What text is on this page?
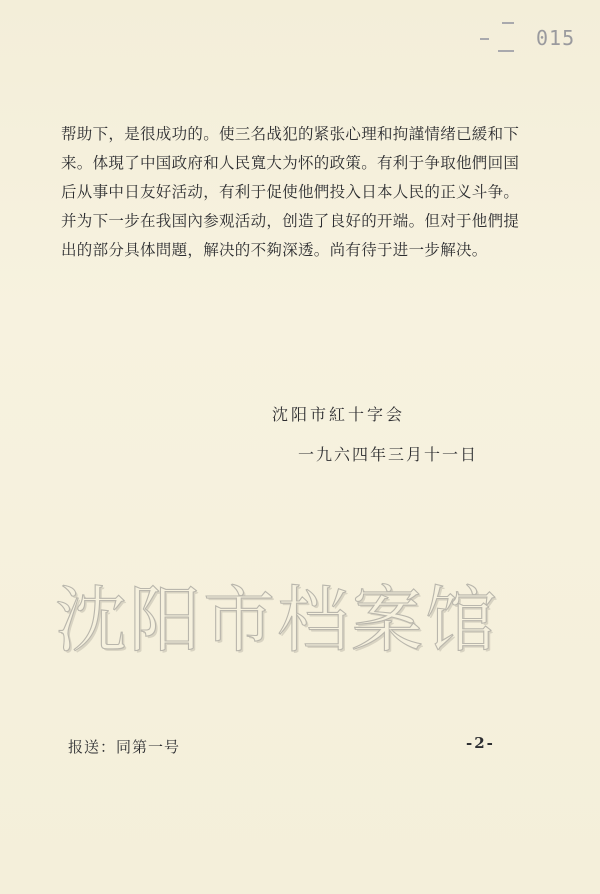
015
帮助下，是很成功的。使三名战犯的紧张心理和拘謹情绪已緩和下
来。体現了中国政府和人民寬大为怀的政策。有利于争取他們回国
后从事中日友好活动，有利于促使他們投入日本人民的正义斗争。
并为下一步在我国內参观活动，创造了良好的开端。但对于他們提
出的部分具体問題，解决的不夠深透。尚有待于进一步解决。
沈阳市紅十字会
一九六四年三月十一日
沈阳市档案馆
报送：同第一号	-2-
